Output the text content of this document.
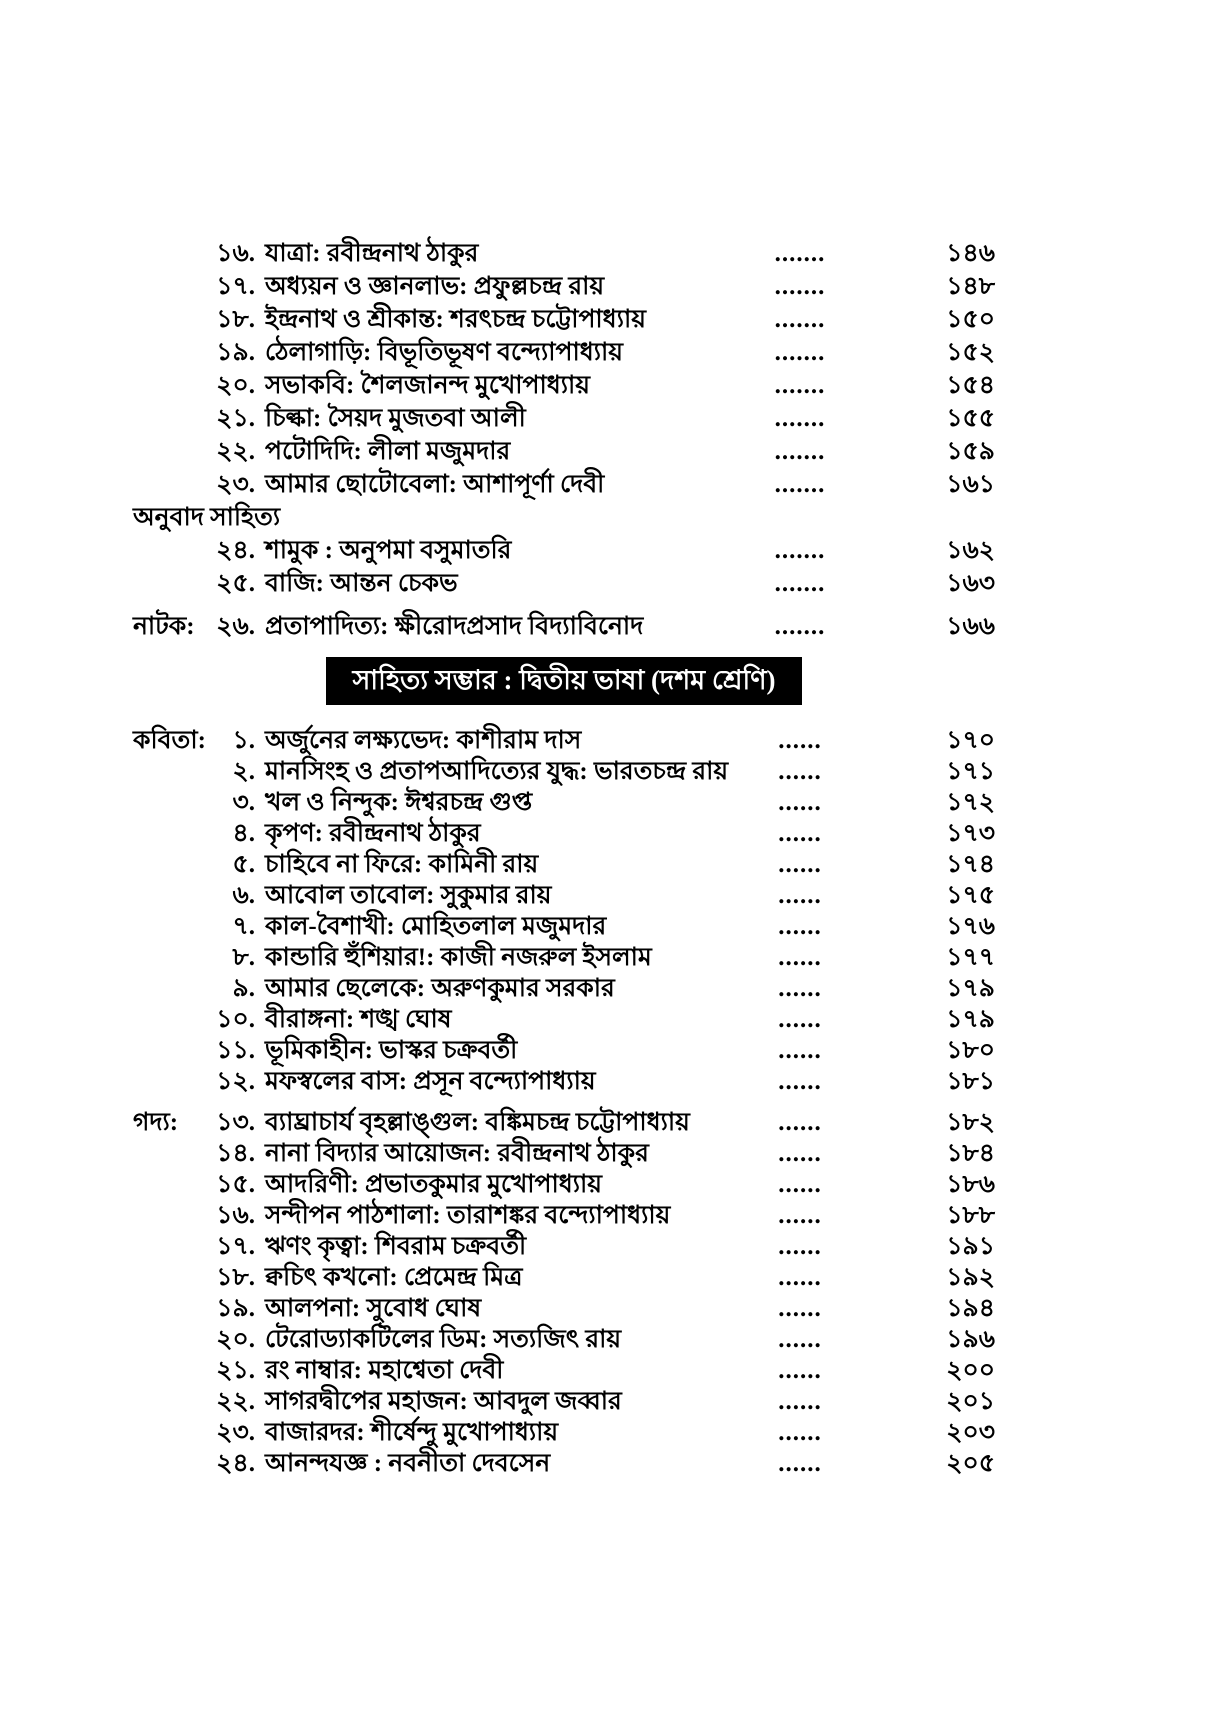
১৬. যাত্রা: রবীন্দ্রনাথ ঠাকুর	.......	১৪৬
১৭. অধ্যয়ন ও জ্ঞানলাভ: প্রফুল্লচন্দ্র রায়	.......	১৪৮
১৮. ইন্দ্রনাথ ও শ্রীকান্ত: শরৎচন্দ্র চট্টোপাধ্যায়	.......	১৫০
১৯. ঠেলাগাড়ি: বিভূতিভূষণ বন্দ্যোপাধ্যায়	.......	১৫২
২০. সভাকবি: শৈলজানন্দ মুখোপাধ্যায়	.......	১৫৪
২১. চিল্কা: সৈয়দ মুজতবা আলী	.......	১৫৫
২২. পটোদিদি: লীলা মজুমদার	.......	১৫৯
২৩. আমার ছোটোবেলা: আশাপূর্ণা দেবী	.......	১৬১
অনুবাদ সাহিত্য
২৪. শামুক : অনুপমা বসুমাতরি	.......	১৬২
২৫. বাজি: আন্তন চেকভ	.......	১৬৩
নাটক: ২৬. প্রতাপাদিত্য: ক্ষীরোদপ্রসাদ বিদ্যাবিনোদ	.......	১৬৬
সাহিত্য সম্ভার : দ্বিতীয় ভাষা (দশম শ্রেণি)
কবিতা:	১. অর্জুনের লক্ষ্যভেদ: কাশীরাম দাস	......	১৭০
২. মানসিংহ ও প্রতাপআদিত্যের যুদ্ধ: ভারতচন্দ্র রায়	......	১৭১
৩. খল ও নিন্দুক: ঈশ্বরচন্দ্র গুপ্ত	......	১৭২
৪. কৃপণ: রবীন্দ্রনাথ ঠাকুর	......	১৭৩
৫. চাহিবে না ফিরে: কামিনী রায়	......	১৭৪
৬. আবোল তাবোল: সুকুমার রায়	......	১৭৫
৭. কাল-বৈশাখী: মোহিতলাল মজুমদার	......	১৭৬
৮. কান্ডারি হুঁশিয়ার!: কাজী নজরুল ইসলাম	......	১৭৭
৯. আমার ছেলেকে: অরুণকুমার সরকার	......	১৭৯
১০. বীরাঙ্গনা: শঙ্খ ঘোষ	......	১৭৯
১১. ভূমিকাহীন: ভাস্কর চক্রবর্তী	......	১৮০
১২. মফস্বলের বাস: প্রসূন বন্দ্যোপাধ্যায়	......	১৮১
গদ্য:	১৩. ব্যাঘ্রাচার্য বৃহল্লাঙ্গুল: বঙ্কিমচন্দ্র চট্টোপাধ্যায়	......	১৮২
১৪. নানা বিদ্যার আয়োজন: রবীন্দ্রনাথ ঠাকুর	......	১৮৪
১৫. আদরিণী: প্রভাতকুমার মুখোপাধ্যায়	......	১৮৬
১৬. সন্দীপন পাঠশালা: তারাশঙ্কর বন্দ্যোপাধ্যায়	......	১৮৮
১৭. ঋণং কৃত্বা: শিবরাম চক্রবর্তী	......	১৯১
১৮. ক্বচিৎ কখনো: প্রেমেন্দ্র মিত্র	......	১৯২
১৯. আলপনা: সুবোধ ঘোষ	......	১৯৪
২০. টেরোড্যাকটিলের ডিম: সত্যজিৎ রায়	......	১৯৬
২১. রং নাম্বার: মহাশ্বেতা দেবী	......	২০০
২২. সাগরদ্বীপের মহাজন: আবদুল জব্বার	......	২০১
২৩. বাজারদর: শীর্ষেন্দু মুখোপাধ্যায়	......	২০৩
২৪. আনন্দযজ্ঞ : নবনীতা দেবসেন	......	২০৫
